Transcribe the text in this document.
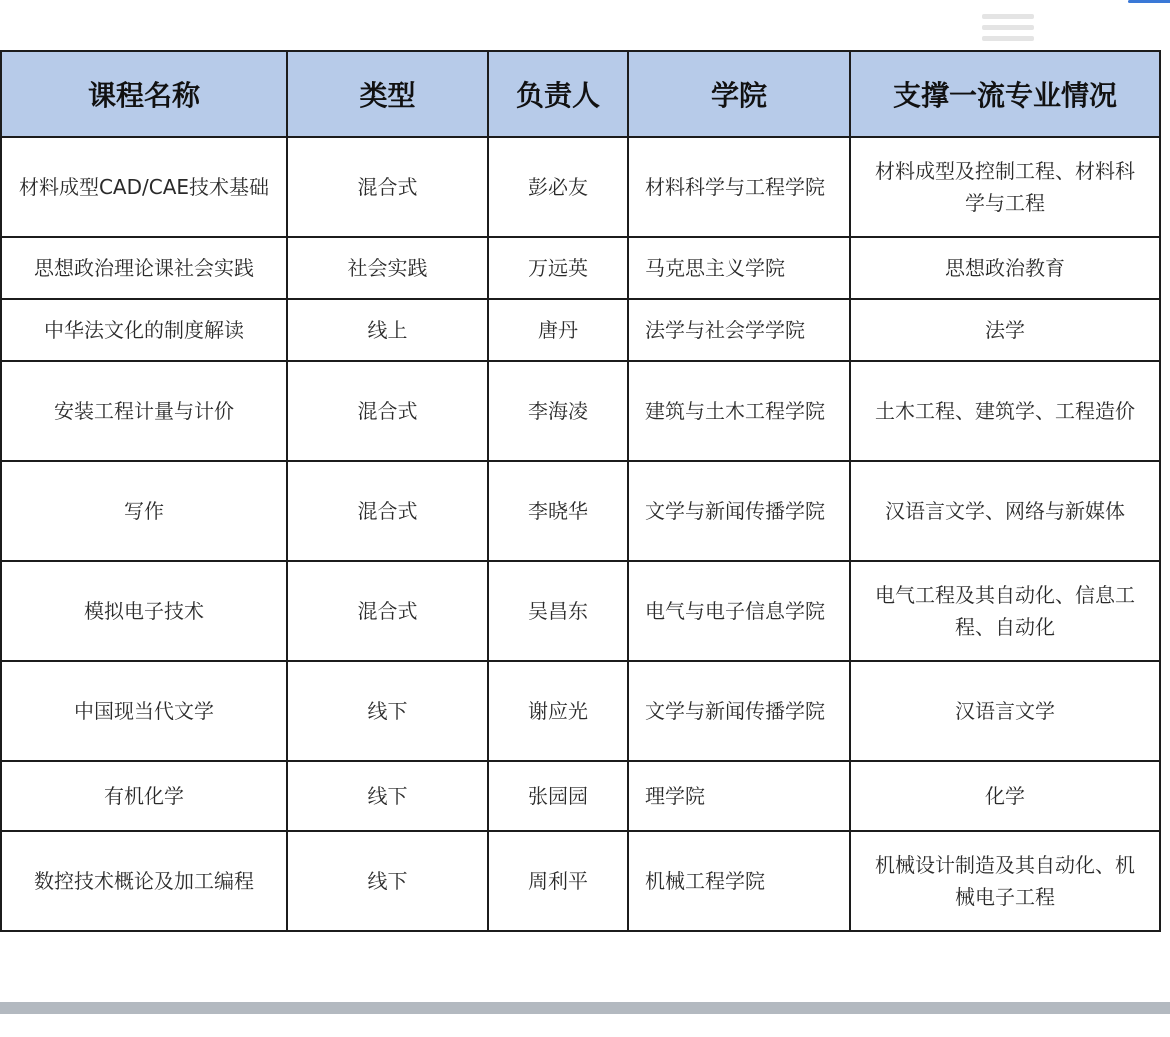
课程名称	类型	负责人	学院	支撑一流专业情况
材料成型CAD/CAE技术基础	混合式	彭必友	材料科学与工程学院	材料成型及控制工程、材料科学与工程
思想政治理论课社会实践	社会实践	万远英	马克思主义学院	思想政治教育
中华法文化的制度解读	线上	唐丹	法学与社会学学院	法学
安装工程计量与计价	混合式	李海凌	建筑与土木工程学院	土木工程、建筑学、工程造价
写作	混合式	李晓华	文学与新闻传播学院	汉语言文学、网络与新媒体
模拟电子技术	混合式	吴昌东	电气与电子信息学院	电气工程及其自动化、信息工程、自动化
中国现当代文学	线下	谢应光	文学与新闻传播学院	汉语言文学
有机化学	线下	张园园	理学院	化学
数控技术概论及加工编程	线下	周利平	机械工程学院	机械设计制造及其自动化、机械电子工程
